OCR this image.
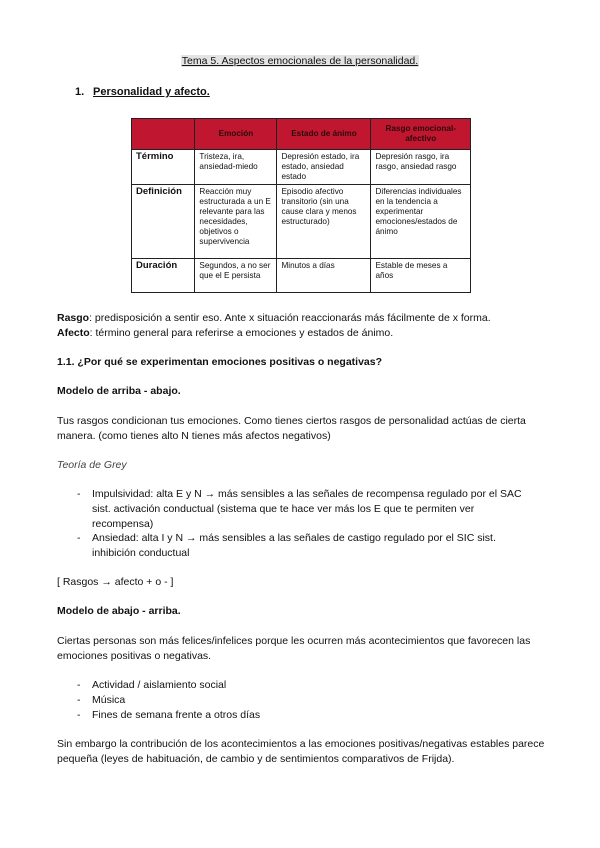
Tema 5. Aspectos emocionales de la personalidad.
1. Personalidad y afecto.
	Emoción	Estado de ánimo	Rasgo emocional-afectivo
Término	Tristeza, ira, ansiedad-miedo	Depresión estado, ira estado, ansiedad estado	Depresión rasgo, ira rasgo, ansiedad rasgo
Definición	Reacción muy estructurada a un E relevante para las necesidades, objetivos o supervivencia	Episodio afectivo transitorio (sin una cause clara y menos estructurado)	Diferencias individuales en la tendencia a experimentar emociones/estados de ánimo
Duración	Segundos, a no ser que el E persista	Minutos a días	Estable de meses a años
Rasgo: predisposición a sentir eso. Ante x situación reaccionarás más fácilmente de x forma.
Afecto: término general para referirse a emociones y estados de ánimo.
1.1. ¿Por qué se experimentan emociones positivas o negativas?
Modelo de arriba - abajo.
Tus rasgos condicionan tus emociones. Como tienes ciertos rasgos de personalidad actúas de cierta manera. (como tienes alto N tienes más afectos negativos)
Teoría de Grey
- Impulsividad: alta E y N → más sensibles a las señales de recompensa regulado por el SAC sist. activación conductual (sistema que te hace ver más los E que te permiten ver recompensa)
- Ansiedad: alta I y N → más sensibles a las señales de castigo regulado por el SIC sist. inhibición conductual
[ Rasgos → afecto + o - ]
Modelo de abajo - arriba.
Ciertas personas son más felices/infelices porque les ocurren más acontecimientos que favorecen las emociones positivas o negativas.
- Actividad / aislamiento social
- Música
- Fines de semana frente a otros días
Sin embargo la contribución de los acontecimientos a las emociones positivas/negativas estables parece pequeña (leyes de habituación, de cambio y de sentimientos comparativos de Frijda).
